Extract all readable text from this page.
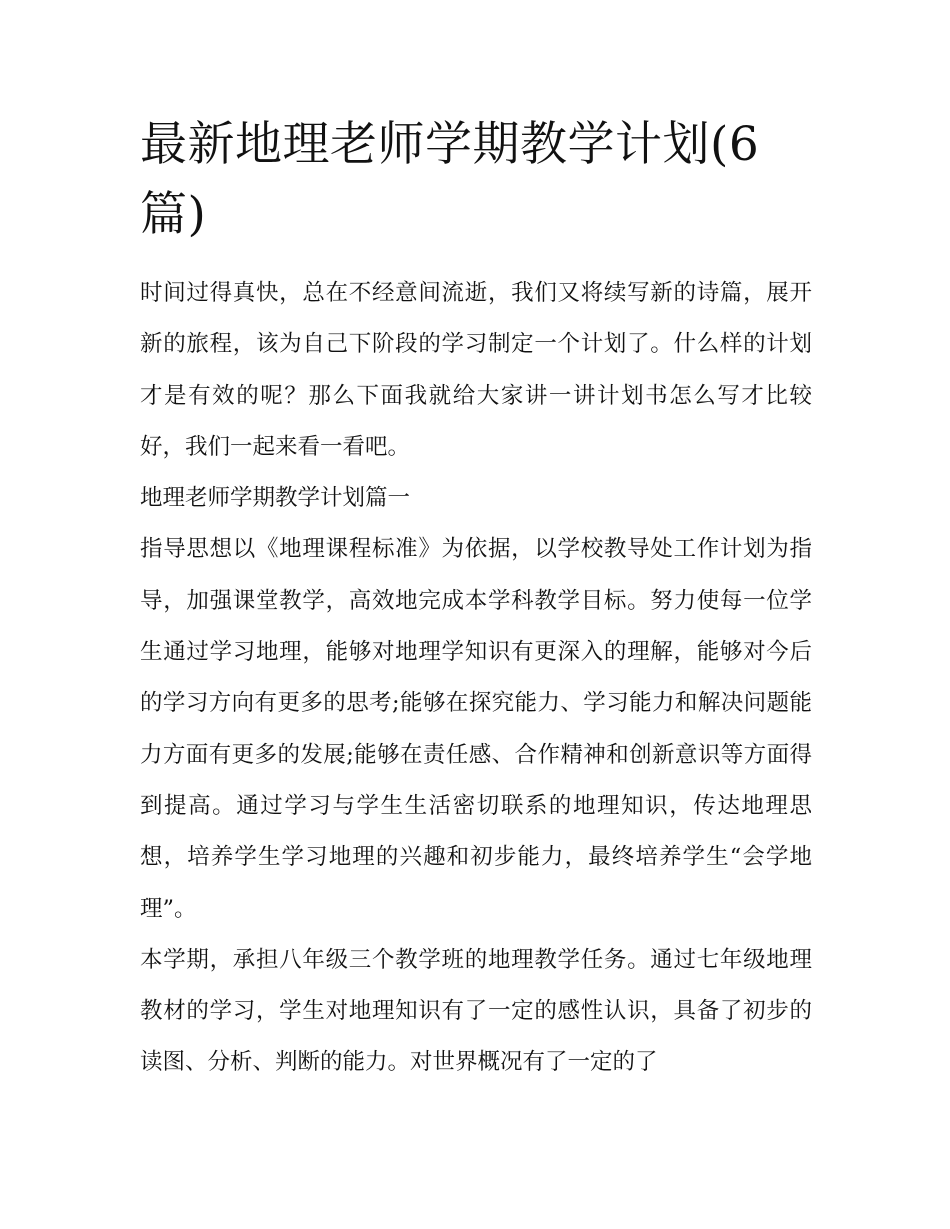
最新地理老师学期教学计划(6篇)

时间过得真快，总在不经意间流逝，我们又将续写新的诗篇，展开新的旅程，该为自己下阶段的学习制定一个计划了。什么样的计划才是有效的呢？那么下面我就给大家讲一讲计划书怎么写才比较好，我们一起来看一看吧。

地理老师学期教学计划篇一

指导思想以《地理课程标准》为依据，以学校教导处工作计划为指导，加强课堂教学，高效地完成本学科教学目标。努力使每一位学生通过学习地理，能够对地理学知识有更深入的理解，能够对今后的学习方向有更多的思考;能够在探究能力、学习能力和解决问题能力方面有更多的发展;能够在责任感、合作精神和创新意识等方面得到提高。通过学习与学生生活密切联系的地理知识，传达地理思想，培养学生学习地理的兴趣和初步能力，最终培养学生“会学地理”。

本学期，承担八年级三个教学班的地理教学任务。通过七年级地理教材的学习，学生对地理知识有了一定的感性认识，具备了初步的读图、分析、判断的能力。对世界概况有了一定的了
